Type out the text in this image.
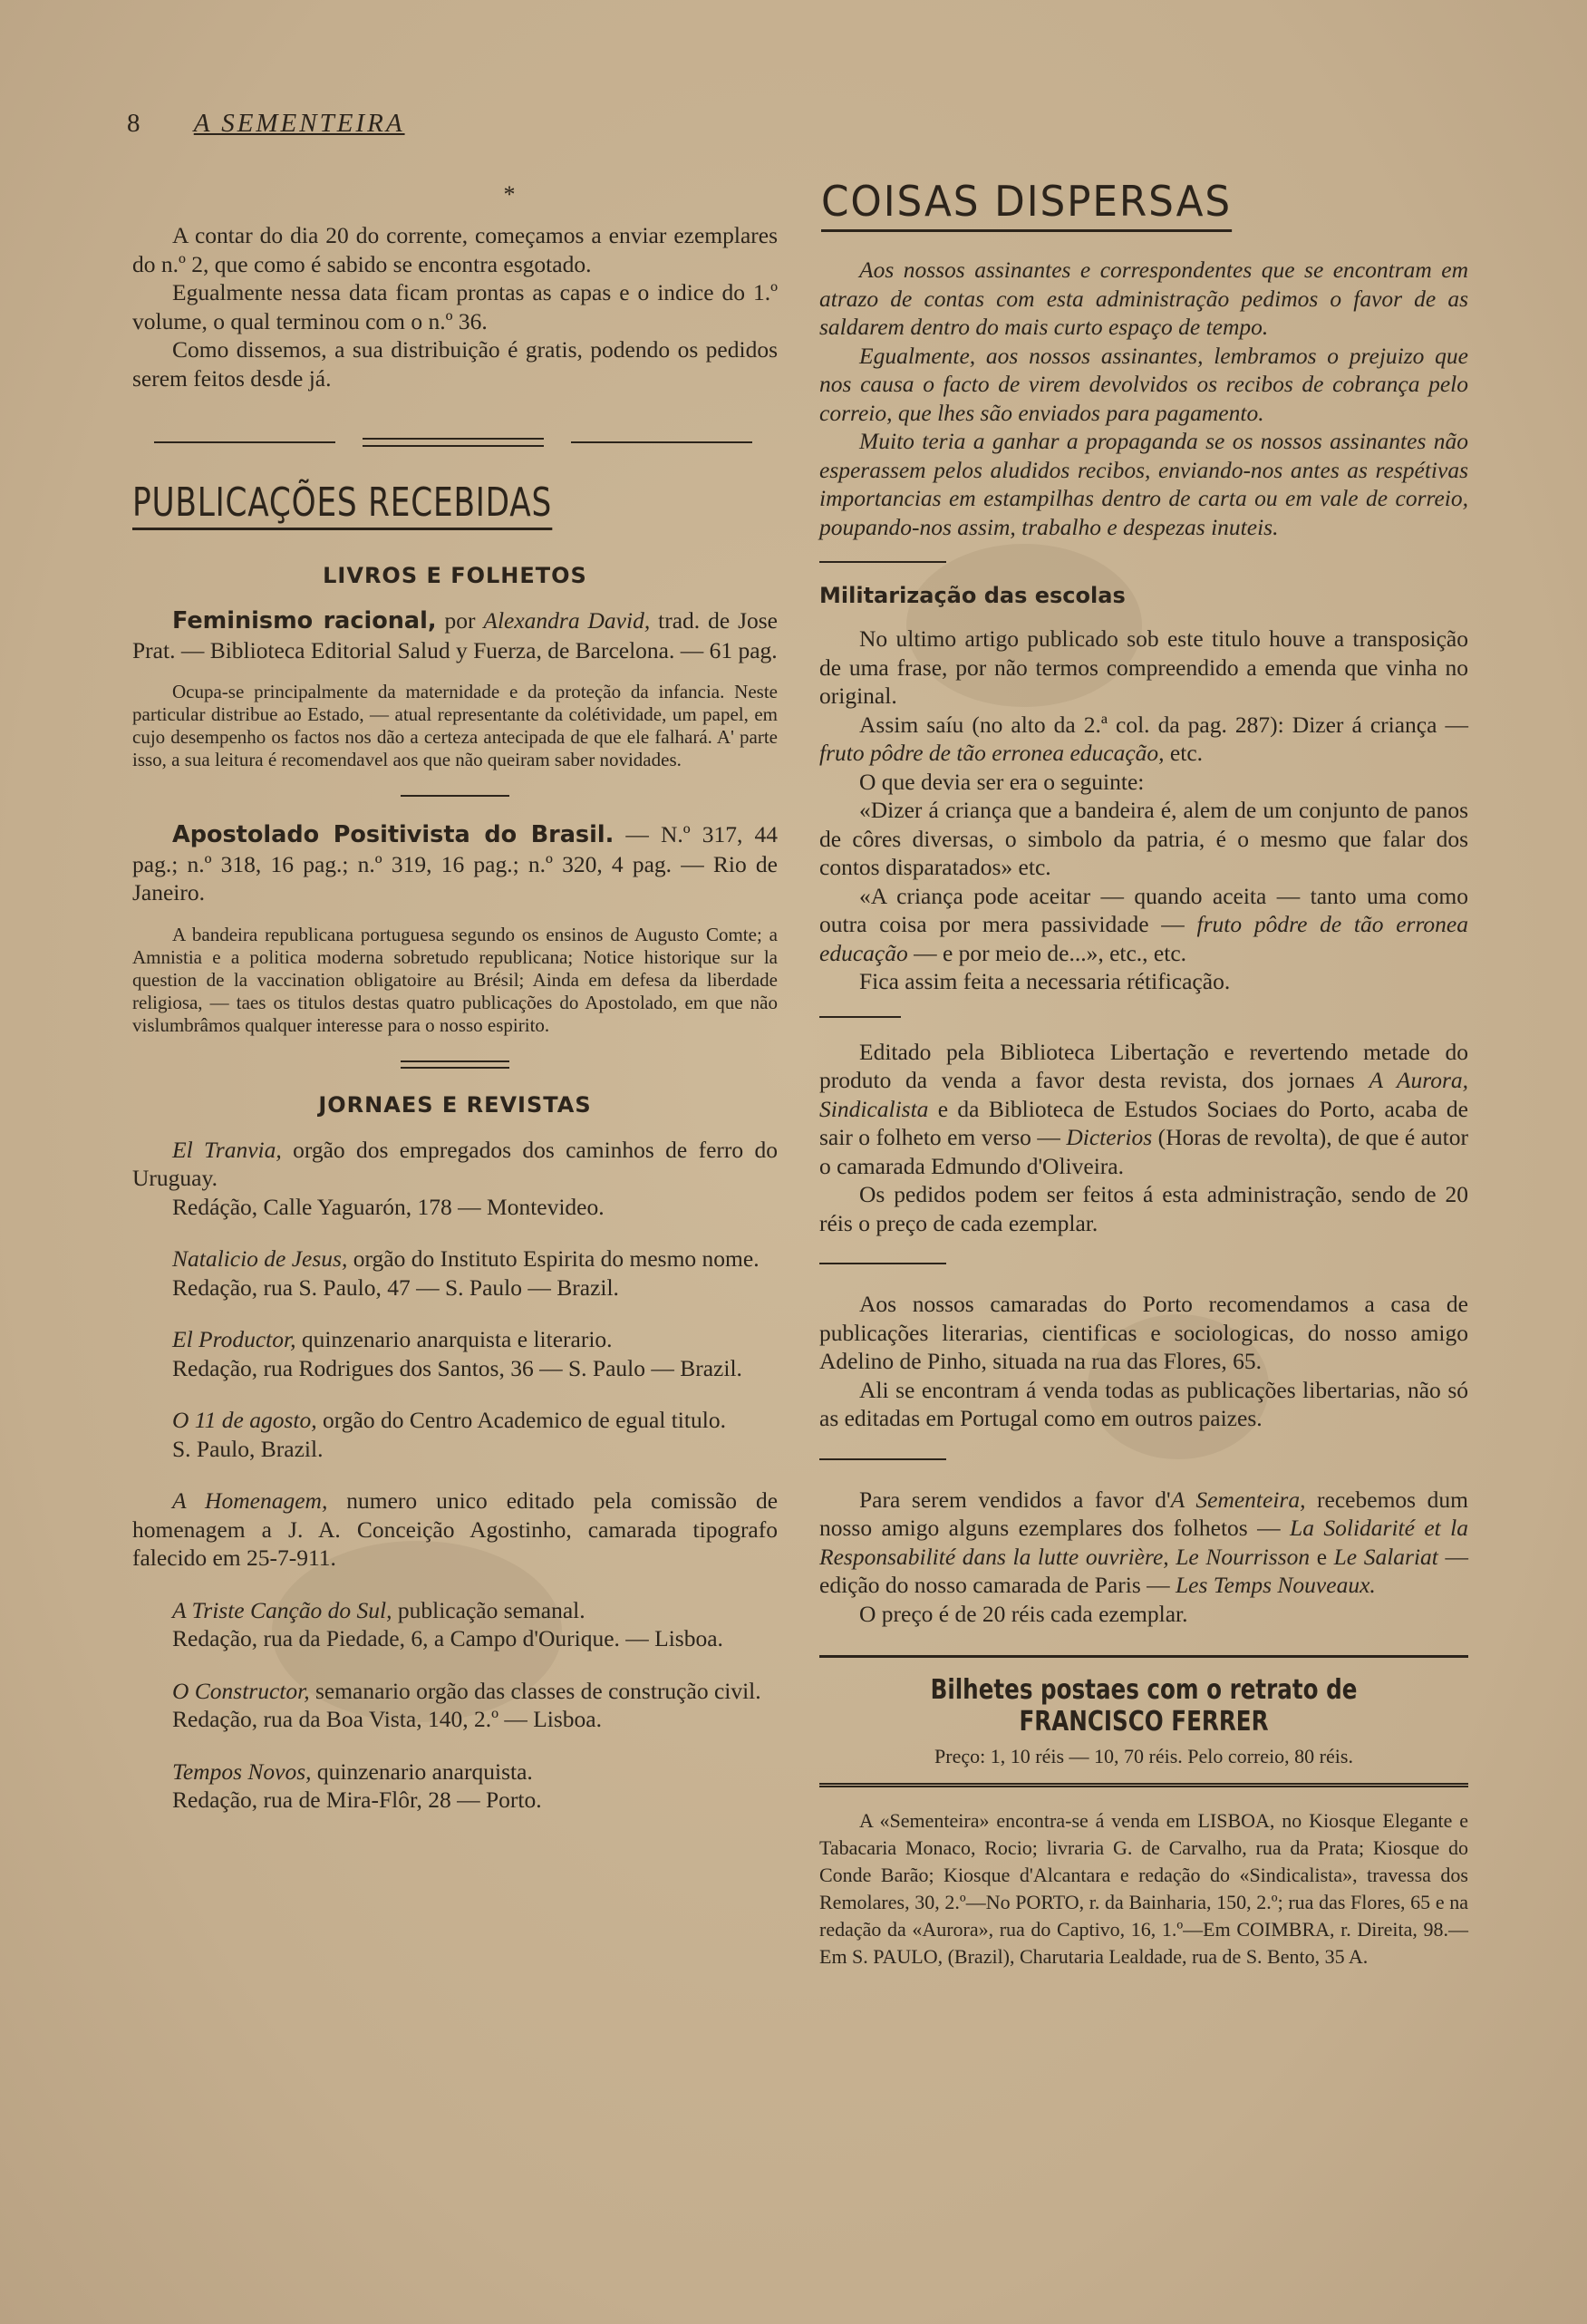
8 A SEMENTEIRA
*

A contar do dia 20 do corrente, começamos a enviar ezemplares do n.º 2, que como é sabido se encontra esgotado.

Egualmente nessa data ficam prontas as capas e o indice do 1.º volume, o qual terminou com o n.º 36.

Como dissemos, a sua distribuição é gratis, podendo os pedidos serem feitos desde já.

PUBLICAÇÕES RECEBIDAS
LIVROS E FOLHETOS

Feminismo racional, por Alexandra David, trad. de Jose Prat. — Biblioteca Editorial Salud y Fuerza, de Barcelona. — 61 pag.

Ocupa-se principalmente da maternidade e da proteção da infancia. Neste particular distribue ao Estado, — atual representante da colétividade, um papel, em cujo desempenho os factos nos dão a certeza antecipada de que ele falhará. A' parte isso, a sua leitura é recomendavel aos que não queiram saber novidades.

Apostolado Positivista do Brasil. — N.º 317, 44 pag.; n.º 318, 16 pag.; n.º 319, 16 pag.; n.º 320, 4 pag. — Rio de Janeiro.

A bandeira republicana portuguesa segundo os ensinos de Augusto Comte; a Amnistia e a politica moderna sobretudo republicana; Notice historique sur la question de la vaccination obligatoire au Brésil; Ainda em defesa da liberdade religiosa, — taes os titulos destas quatro publicações do Apostolado, em que não vislumbrâmos qualquer interesse para o nosso espirito.

JORNAES E REVISTAS

El Tranvia, orgão dos empregados dos caminhos de ferro do Uruguay.

Redáção, Calle Yaguarón, 178 — Montevideo.

Natalicio de Jesus, orgão do Instituto Espirita do mesmo nome.

Redação, rua S. Paulo, 47 — S. Paulo — Brazil.

El Productor, quinzenario anarquista e literario.

Redação, rua Rodrigues dos Santos, 36 — S. Paulo — Brazil.

O 11 de agosto, orgão do Centro Academico de egual titulo.

S. Paulo, Brazil.

A Homenagem, numero unico editado pela comissão de homenagem a J. A. Conceição Agostinho, camarada tipografo falecido em 25-7-911.

A Triste Canção do Sul, publicação semanal.

Redação, rua da Piedade, 6, a Campo d'Ourique. — Lisboa.

O Constructor, semanario orgão das classes de construção civil.

Redação, rua da Boa Vista, 140, 2.º — Lisboa.

Tempos Novos, quinzenario anarquista.

Redação, rua de Mira-Flôr, 28 — Porto.

COISAS DISPERSAS

Aos nossos assinantes e correspondentes que se encontram em atrazo de contas com esta administração pedimos o favor de as saldarem dentro do mais curto espaço de tempo.

Egualmente, aos nossos assinantes, lembramos o prejuizo que nos causa o facto de virem devolvidos os recibos de cobrança pelo correio, que lhes são enviados para pagamento.

Muito teria a ganhar a propaganda se os nossos assinantes não esperassem pelos aludidos recibos, enviando-nos antes as respétivas importancias em estampilhas dentro de carta ou em vale de correio, poupando-nos assim, trabalho e despezas inuteis.

Militarização das escolas

No ultimo artigo publicado sob este titulo houve a transposição de uma frase, por não termos compreendido a emenda que vinha no original.

Assim saíu (no alto da 2.ª col. da pag. 287): Dizer á criança — fruto pôdre de tão erronea educação, etc.

O que devia ser era o seguinte:

«Dizer á criança que a bandeira é, alem de um conjunto de panos de côres diversas, o simbolo da patria, é o mesmo que falar dos contos disparatados» etc.

«A criança pode aceitar — quando aceita — tanto uma como outra coisa por mera passividade — fruto pôdre de tão erronea educação — e por meio de...», etc., etc.

Fica assim feita a necessaria rétificação.

Editado pela Biblioteca Libertação e revertendo metade do produto da venda a favor desta revista, dos jornaes A Aurora, Sindicalista e da Biblioteca de Estudos Sociaes do Porto, acaba de sair o folheto em verso — Dicterios (Horas de revolta), de que é autor o camarada Edmundo d'Oliveira.

Os pedidos podem ser feitos á esta administração, sendo de 20 réis o preço de cada ezemplar.

Aos nossos camaradas do Porto recomendamos a casa de publicações literarias, cientificas e sociologicas, do nosso amigo Adelino de Pinho, situada na rua das Flores, 65.

Ali se encontram á venda todas as publicações libertarias, não só as editadas em Portugal como em outros paizes.

Para serem vendidos a favor d'A Sementeira, recebemos dum nosso amigo alguns ezemplares dos folhetos — La Solidarité et la Responsabilité dans la lutte ouvrière, Le Nourrisson e Le Salariat — edição do nosso camarada de Paris — Les Temps Nouveaux.

O preço é de 20 réis cada ezemplar.

Bilhetes postaes com o retrato de FRANCISCO FERRER
Preço: 1, 10 réis — 10, 70 réis. Pelo correio, 80 réis.

A «Sementeira» encontra-se á venda em LISBOA, no Kiosque Elegante e Tabacaria Monaco, Rocio; livraria G. de Carvalho, rua da Prata; Kiosque do Conde Barão; Kiosque d'Alcantara e redação do «Sindicalista», travessa dos Remolares, 30, 2.º—No PORTO, r. da Bainharia, 150, 2.º; rua das Flores, 65 e na redação da «Aurora», rua do Captivo, 16, 1.º—Em COIMBRA, r. Direita, 98.—Em S. PAULO, (Brazil), Charutaria Lealdade, rua de S. Bento, 35 A.
